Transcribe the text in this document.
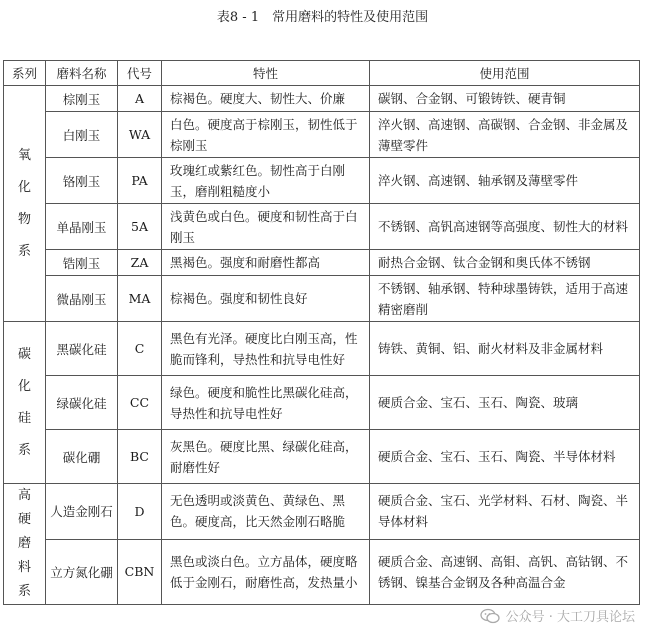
表8 - 1　常用磨料的特性及使用范围
系列	磨料名称	代号	特性	使用范围

氧
化
物
系	棕刚玉	A	棕褐色。硬度大、韧性大、价廉	碳钢、合金钢、可锻铸铁、硬青铜
	白刚玉	WA	白色。硬度高于棕刚玉，韧性低于棕刚玉	淬火钢、高速钢、高碳钢、合金钢、非金属及薄壁零件
	铬刚玉	PA	玫瑰红或紫红色。韧性高于白刚玉，磨削粗糙度小	淬火钢、高速钢、轴承钢及薄壁零件
	单晶刚玉	5A	浅黄色或白色。硬度和韧性高于白刚玉	不锈钢、高钒高速钢等高强度、韧性大的材料
	锆刚玉	ZA	黑褐色。强度和耐磨性都高	耐热合金钢、钛合金钢和奥氏体不锈钢
	微晶刚玉	MA	棕褐色。强度和韧性良好	不锈钢、轴承钢、特种球墨铸铁，适用于高速精密磨削

碳
化
硅
系	黑碳化硅	C	黑色有光泽。硬度比白刚玉高，性脆而锋利，导热性和抗导电性好	铸铁、黄铜、铝、耐火材料及非金属材料
	绿碳化硅	CC	绿色。硬度和脆性比黑碳化硅高，导热性和抗导电性好	硬质合金、宝石、玉石、陶瓷、玻璃
	碳化硼	BC	灰黑色。硬度比黑、绿碳化硅高，耐磨性好	硬质合金、宝石、玉石、陶瓷、半导体材料

高
硬
磨
料
系	人造金刚石	D	无色透明或淡黄色、黄绿色、黑色。硬度高，比天然金刚石略脆	硬质合金、宝石、光学材料、石材、陶瓷、半导体材料
	立方氮化硼	CBN	黑色或淡白色。立方晶体，硬度略低于金刚石，耐磨性高，发热量小	硬质合金、高速钢、高钼、高钒、高钴钢、不锈钢、镍基合金钢及各种高温合金
公众号 · 大工刀具论坛
